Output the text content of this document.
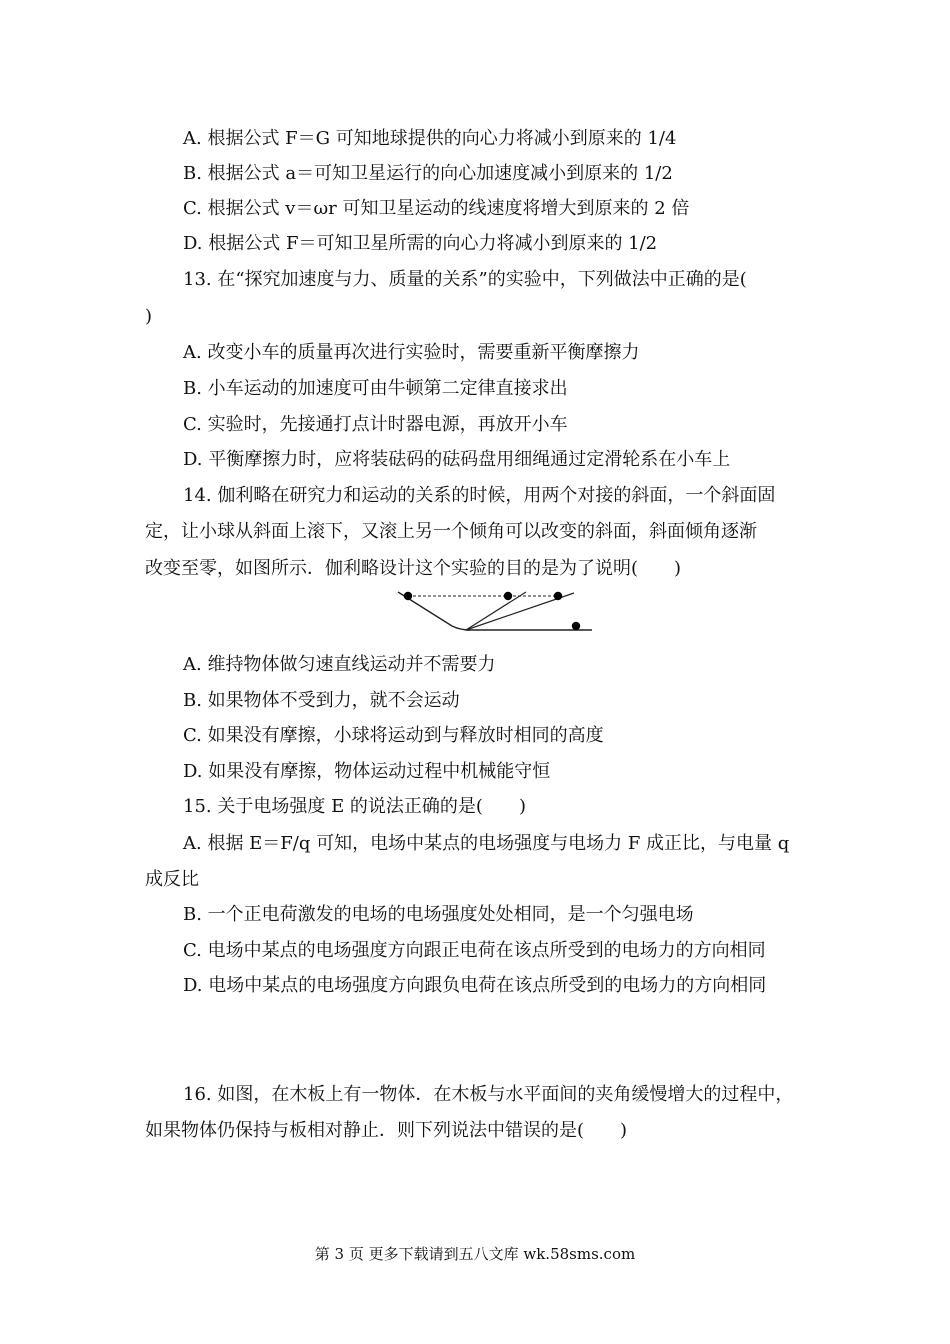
A. 根据公式 F＝G 可知地球提供的向心力将减小到原来的 1/4
B. 根据公式 a＝可知卫星运行的向心加速度减小到原来的 1/2
C. 根据公式 v＝ωr 可知卫星运动的线速度将增大到原来的 2 倍
D. 根据公式 F＝可知卫星所需的向心力将减小到原来的 1/2
13. 在“探究加速度与力、质量的关系”的实验中，下列做法中正确的是(
)
A. 改变小车的质量再次进行实验时，需要重新平衡摩擦力
B. 小车运动的加速度可由牛顿第二定律直接求出
C. 实验时，先接通打点计时器电源，再放开小车
D. 平衡摩擦力时，应将装砝码的砝码盘用细绳通过定滑轮系在小车上
14. 伽利略在研究力和运动的关系的时候，用两个对接的斜面，一个斜面固
定，让小球从斜面上滚下，又滚上另一个倾角可以改变的斜面，斜面倾角逐渐
改变至零，如图所示．伽利略设计这个实验的目的是为了说明(　　)
A. 维持物体做匀速直线运动并不需要力
B. 如果物体不受到力，就不会运动
C. 如果没有摩擦，小球将运动到与释放时相同的高度
D. 如果没有摩擦，物体运动过程中机械能守恒
15. 关于电场强度 E 的说法正确的是(　　)
A. 根据 E＝F/q 可知，电场中某点的电场强度与电场力 F 成正比，与电量 q
成反比
B. 一个正电荷激发的电场的电场强度处处相同，是一个匀强电场
C. 电场中某点的电场强度方向跟正电荷在该点所受到的电场力的方向相同
D. 电场中某点的电场强度方向跟负电荷在该点所受到的电场力的方向相同
16. 如图，在木板上有一物体．在木板与水平面间的夹角缓慢增大的过程中，
如果物体仍保持与板相对静止．则下列说法中错误的是(　　)
第 3 页 更多下载请到五八文库 wk.58sms.com
